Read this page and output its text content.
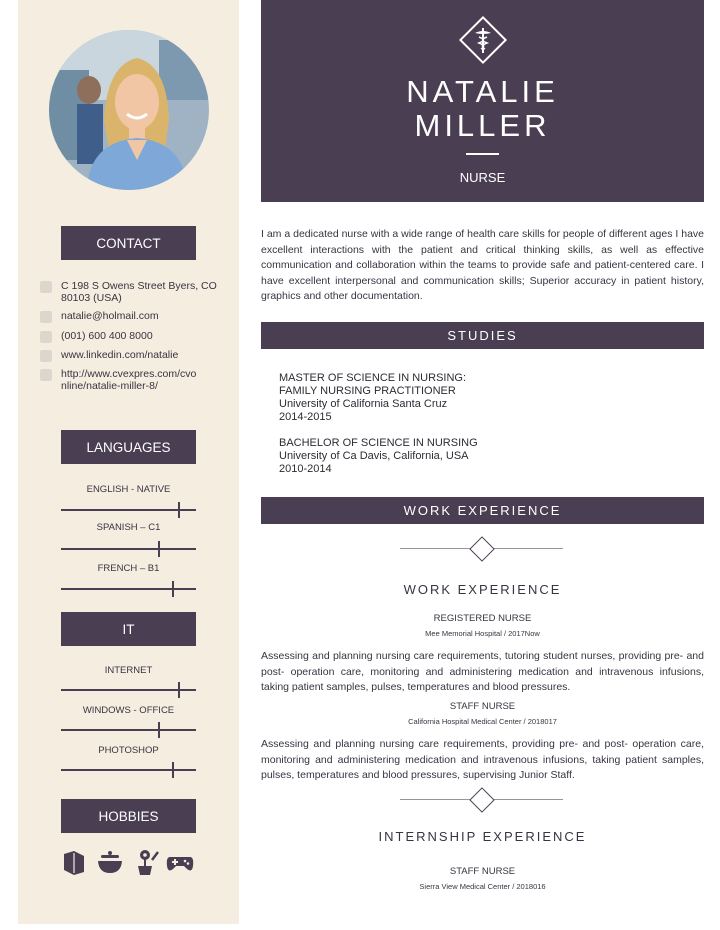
CONTACT
C 198 S Owens Street Byers, CO
80103 (USA)
natalie@holmail.com
(001) 600 400 8000
www.linkedin.com/natalie
http://www.cvexpres.com/cvo
nline/natalie-miller-8/
LANGUAGES
ENGLISH - NATIVE
SPANISH – C1
FRENCH – B1
IT
INTERNET
WINDOWS - OFFICE
PHOTOSHOP
HOBBIES
NATALIE
MILLER
NURSE
I am a dedicated nurse with a wide range of health care skills for people of different ages I have excellent interactions with the patient and critical thinking skills, as well as effective communication and collaboration within the teams to provide safe and patient-centered care. I have excellent interpersonal and communication skills; Superior accuracy in patient history, graphics and other documentation.
STUDIES
MASTER OF SCIENCE IN NURSING:
FAMILY NURSING PRACTITIONER
University of California Santa Cruz
2014-2015
BACHELOR OF SCIENCE IN NURSING
University of Ca Davis, California, USA
2010-2014
WORK EXPERIENCE
WORK EXPERIENCE
REGISTERED NURSE
Mee Memorial Hospital / 2017Now
Assessing and planning nursing care requirements, tutoring student nurses, providing pre- and post- operation care, monitoring and administering medication and intravenous infusions, taking patient samples, pulses, temperatures and blood pressures.
STAFF NURSE
California Hospital Medical Center / 2018017
Assessing and planning nursing care requirements, providing pre- and post- operation care, monitoring and administering medication and intravenous infusions, taking patient samples, pulses, temperatures and blood pressures, supervising Junior Staff.
INTERNSHIP EXPERIENCE
STAFF NURSE
Sierra View Medical Center / 2018016
